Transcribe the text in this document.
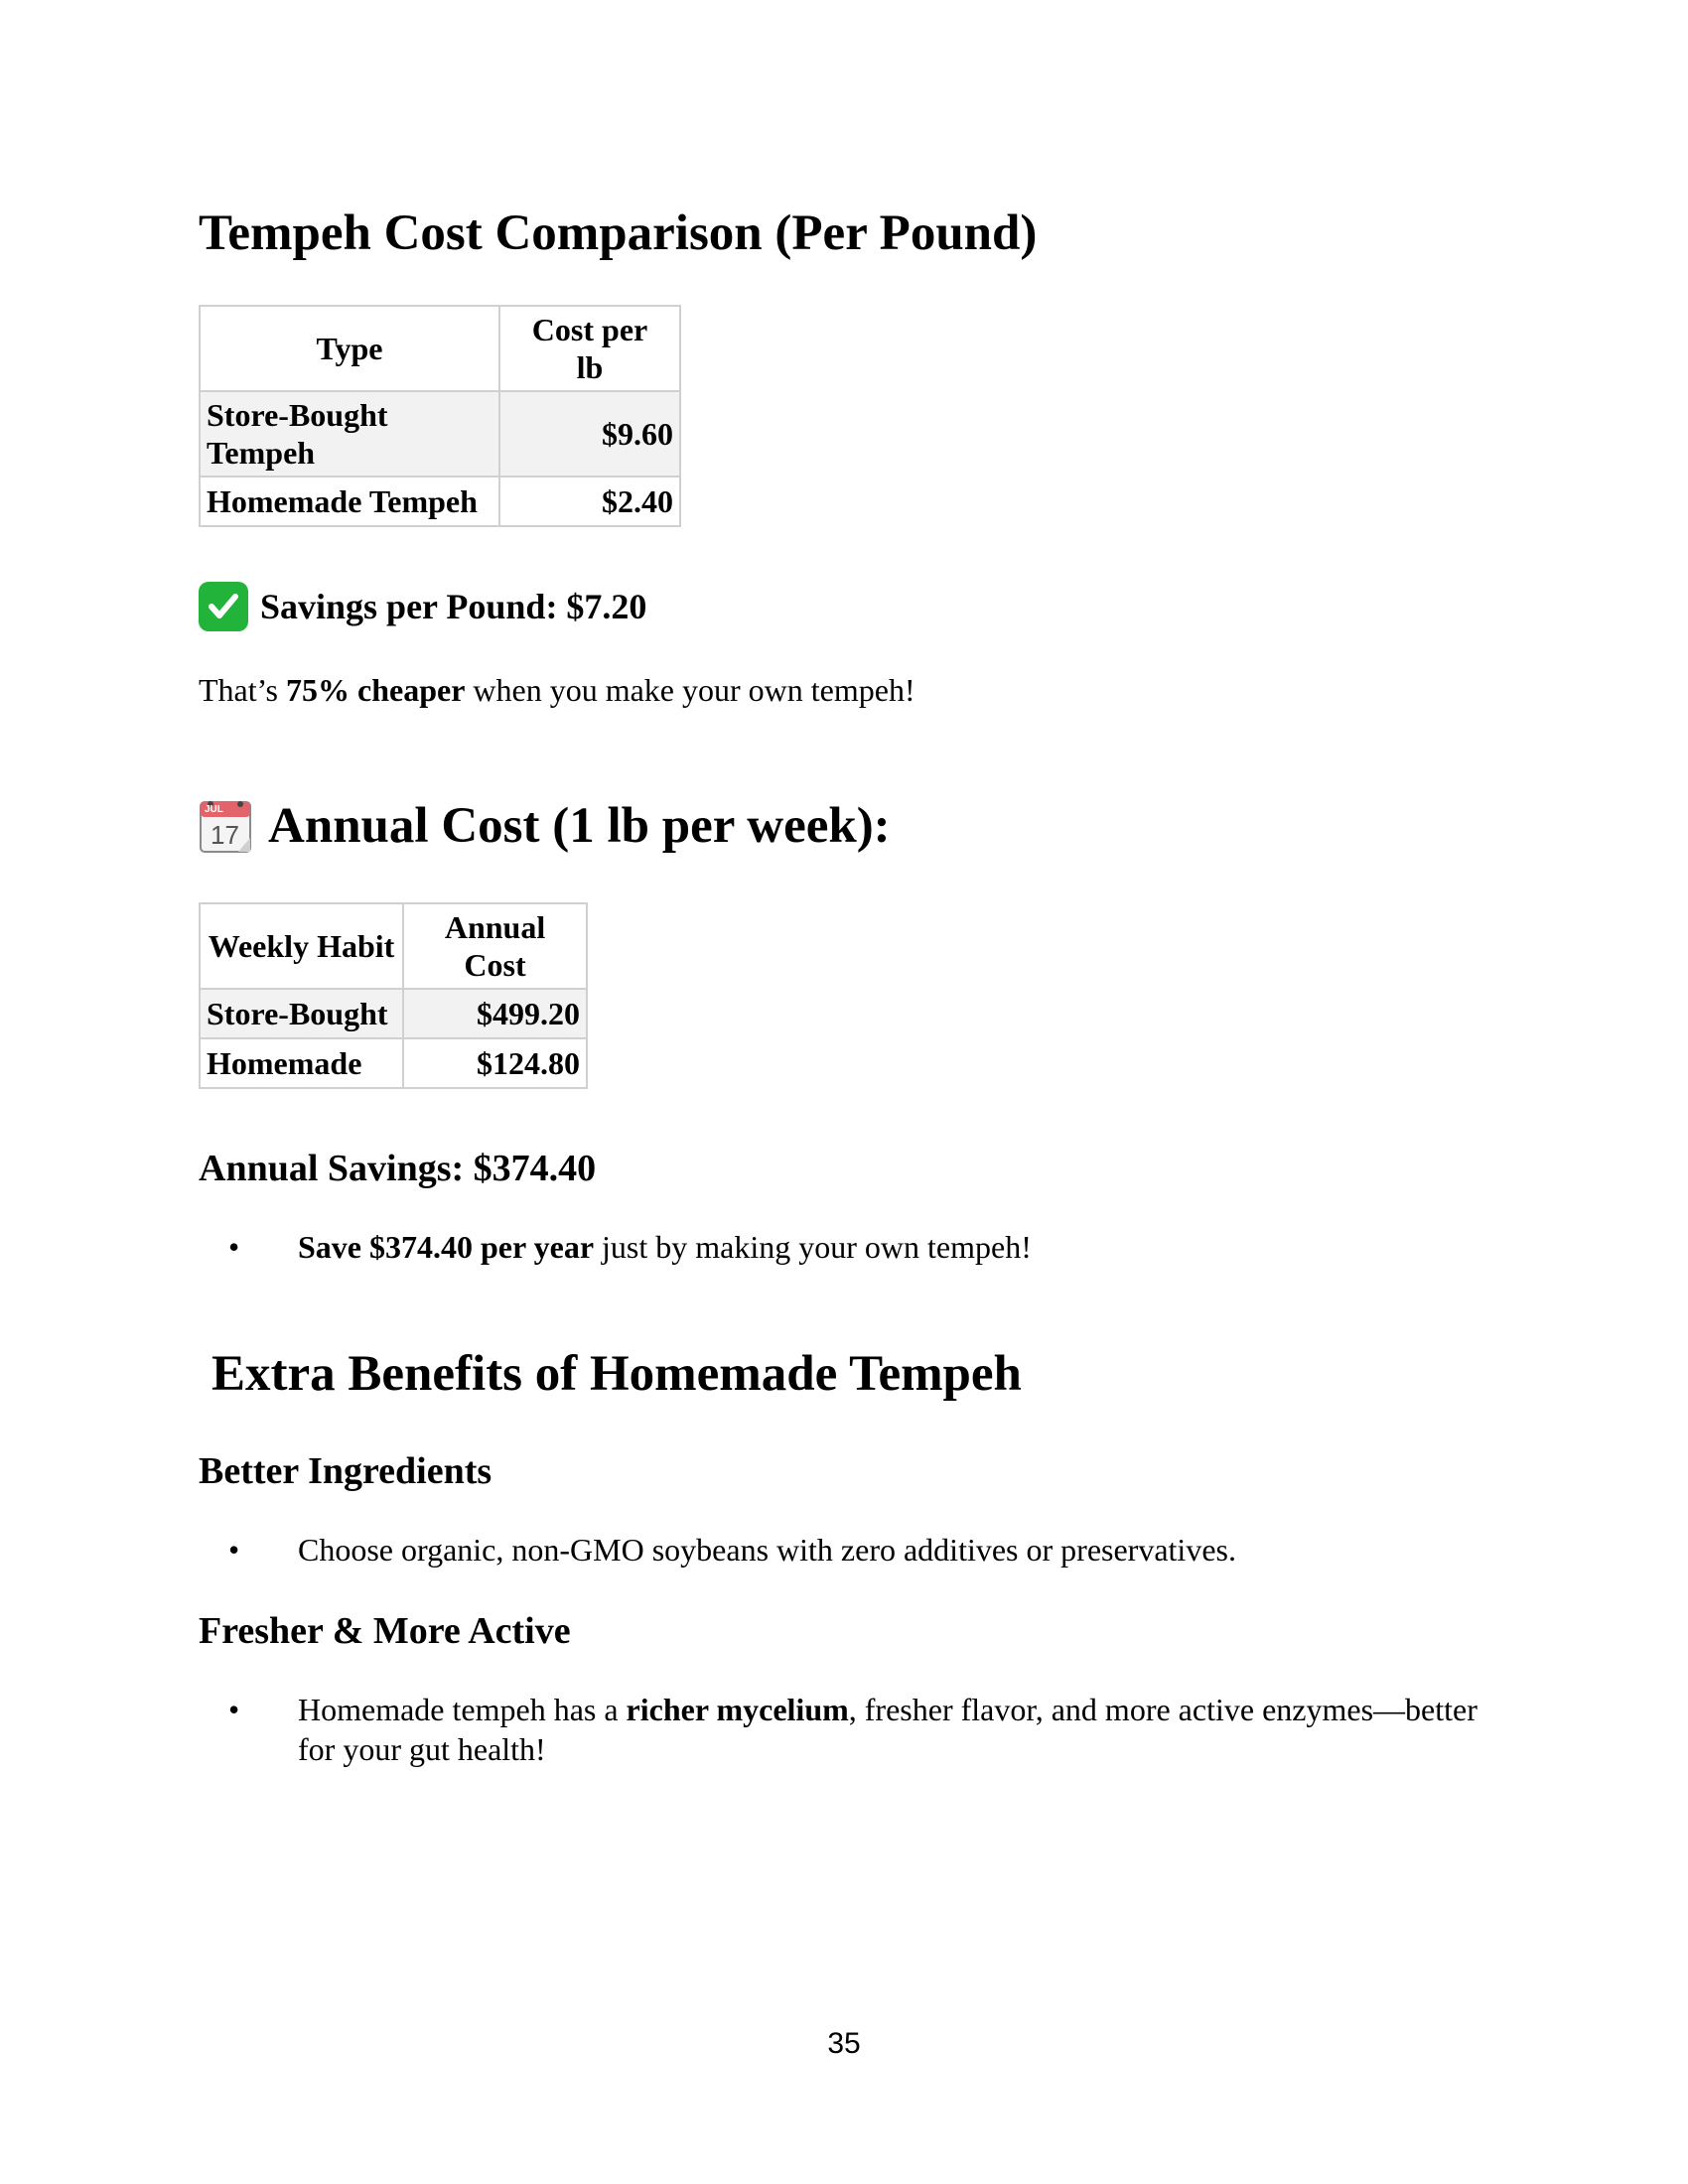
Tempeh Cost Comparison (Per Pound)
Type	Cost per lb
Store-Bought Tempeh	$9.60
Homemade Tempeh	$2.40
Savings per Pound: $7.20

That’s 75% cheaper when you make your own tempeh!

JUL
17 Annual Cost (1 lb per week):
Weekly Habit	Annual Cost
Store-Bought	$499.20
Homemade	$124.80
Annual Savings: $374.40
• Save $374.40 per year just by making your own tempeh!
Extra Benefits of Homemade Tempeh
Better Ingredients
• Choose organic, non-GMO soybeans with zero additives or preservatives.
Fresher & More Active
• Homemade tempeh has a richer mycelium, fresher flavor, and more active enzymes—better for your gut health!
35
